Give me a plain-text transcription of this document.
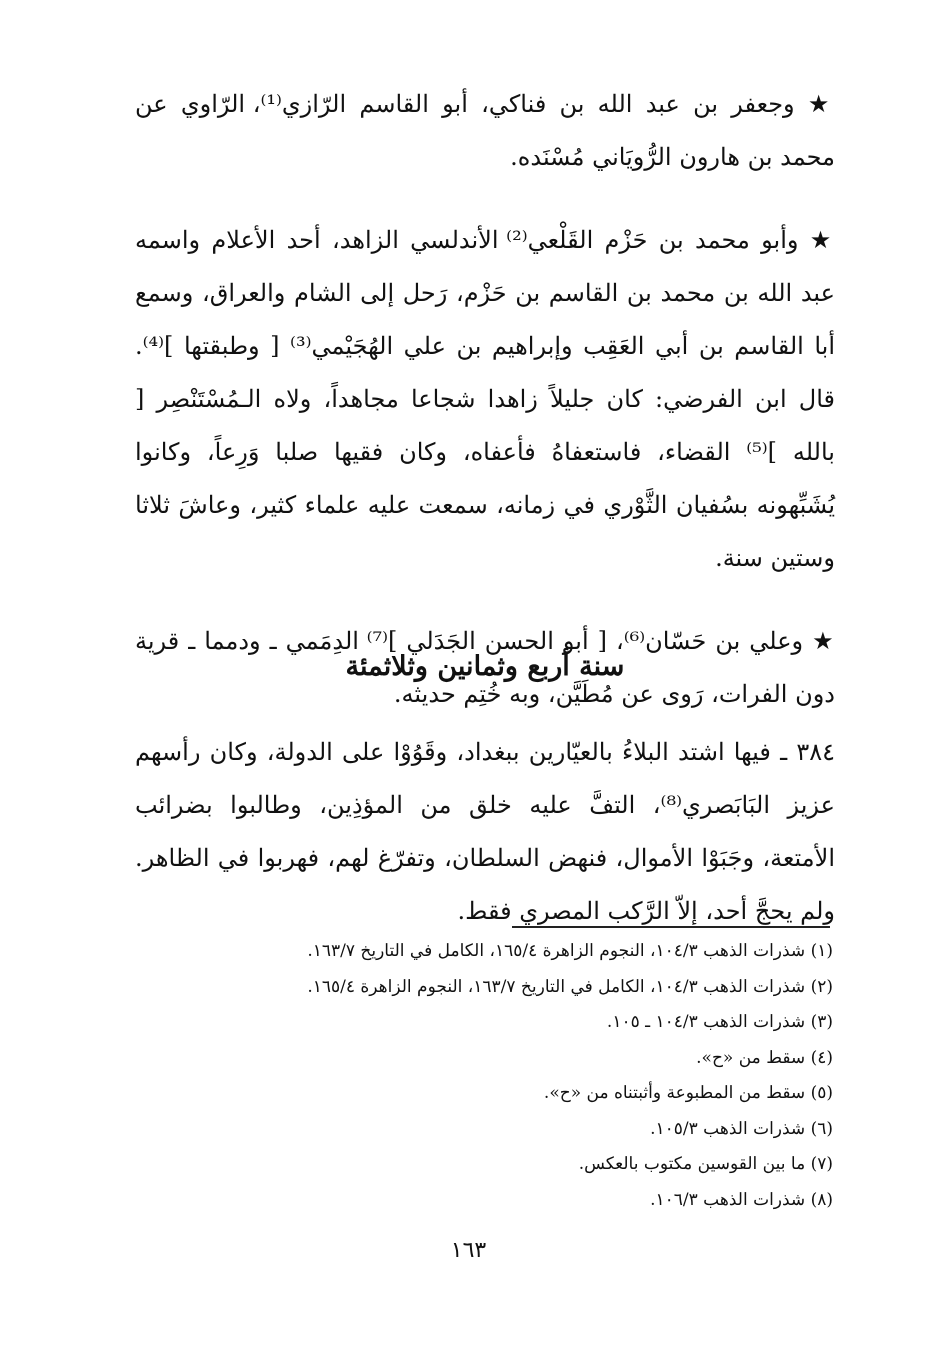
★ وجعفر بن عبد الله بن فناكي، أبو القاسم الرّازي⁽¹⁾، الرّاوي عن محمد بن هارون الرُّويَاني مُسْنَده.

★ وأبو محمد بن حَزْم القَلْعي⁽²⁾ الأندلسي الزاهد، أحد الأعلام واسمه عبد الله بن محمد بن القاسم بن حَزْم، رَحل إلى الشام والعراق، وسمع أبا القاسم بن أبي العَقِب وإبراهيم بن علي الهُجَيْمي⁽³⁾ [ وطبقتها ]⁽⁴⁾. قال ابن الفرضي: كان جليلاً زاهدا شجاعا مجاهداً، ولاه الـمُسْتَنْصِر [ بالله ]⁽⁵⁾ القضاء، فاستعفاهُ فأعفاه، وكان فقيها صلبا وَرِعاً، وكانوا يُشَبِّهونه بسُفيان الثَّوْري في زمانه، سمعت عليه علماء كثير، وعاشَ ثلاثا وستين سنة.

★ وعلي بن حَسّان⁽⁶⁾، [ أبو الحسن الجَدَلي ]⁽⁷⁾ الدِمَمي ـ ودمما ـ قرية دون الفرات، رَوى عن مُطَيَّن، وبه خُتِم حديثه.

سنة أربع وثمانين وثلاثمئة

٣٨٤ ـ فيها اشتد البلاءُ بالعيّارين ببغداد، وقَوُوْا على الدولة، وكان رأسهم عزيز البَابَصري⁽⁸⁾، التفَّ عليه خلق من المؤذِين، وطالبوا بضرائب الأمتعة، وجَبَوْا الأموال، فنهض السلطان، وتفرّغ لهم، فهربوا في الظاهر. ولم يحجَّ أحد، إلاّ الرَّكب المصري فقط.

(١) شذرات الذهب ١٠٤/٣، النجوم الزاهرة ١٦٥/٤، الكامل في التاريخ ١٦٣/٧.
(٢) شذرات الذهب ١٠٤/٣، الكامل في التاريخ ١٦٣/٧، النجوم الزاهرة ١٦٥/٤.
(٣) شذرات الذهب ١٠٤/٣ ـ ١٠٥.
(٤) سقط من «ح».
(٥) سقط من المطبوعة وأثبتناه من «ح».
(٦) شذرات الذهب ١٠٥/٣.
(٧) ما بين القوسين مكتوب بالعكس.
(٨) شذرات الذهب ١٠٦/٣.
١٦٣
